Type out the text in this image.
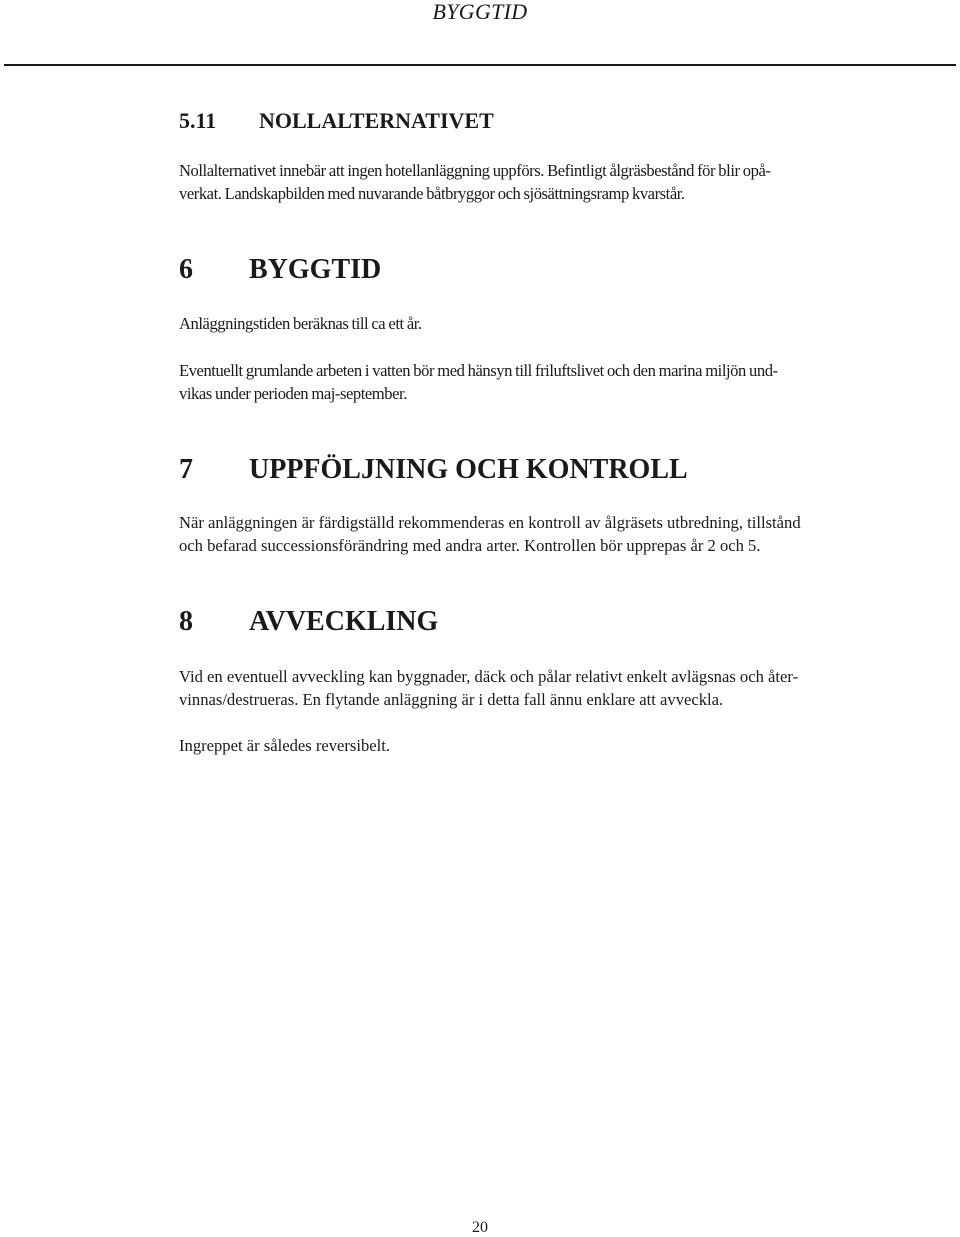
BYGGTID
5.11 NOLLALTERNATIVET

Nollalternativet innebär att ingen hotellanläggning uppförs. Befintligt ålgräsbestånd för blir opå-
verkat. Landskapbilden med nuvarande båtbryggor och sjösättningsramp kvarstår.

6 BYGGTID

Anläggningstiden beräknas till ca ett år.

Eventuellt grumlande arbeten i vatten bör med hänsyn till friluftslivet och den marina miljön und-
vikas under perioden maj-september.

7 UPPFÖLJNING OCH KONTROLL

När anläggningen är färdigställd rekommenderas en kontroll av ålgräsets utbredning, tillstånd
och befarad successionsförändring med andra arter. Kontrollen bör upprepas år 2 och 5.

8 AVVECKLING

Vid en eventuell avveckling kan byggnader, däck och pålar relativt enkelt avlägsnas och åter-
vinnas/destrueras. En flytande anläggning är i detta fall ännu enklare att avveckla.

Ingreppet är således reversibelt.

20
